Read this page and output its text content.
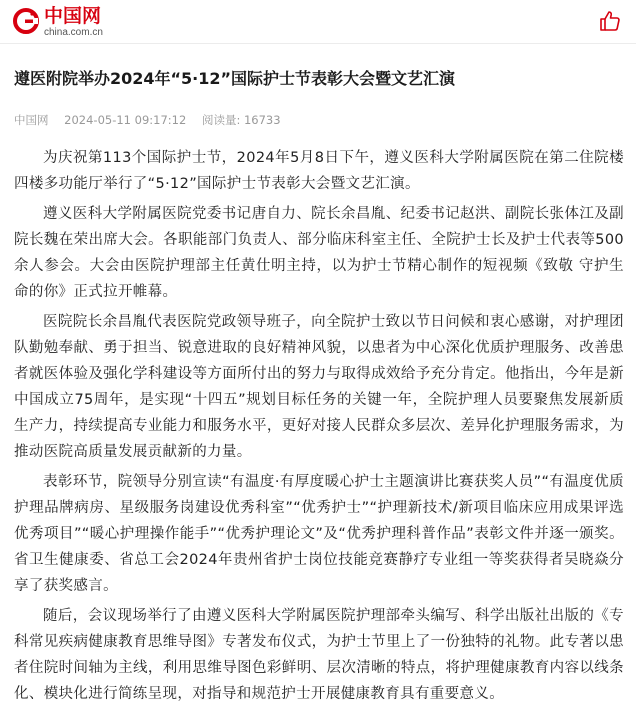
中国网
china.com.cn
遵医附院举办2024年“5·12”国际护士节表彰大会暨文艺汇演
中国网 2024-05-11 09:17:12 阅读量: 16733

为庆祝第113个国际护士节，2024年5月8日下午，遵义医科大学附属医院在第二住院楼四楼多功能厅举行了“5·12”国际护士节表彰大会暨文艺汇演。

遵义医科大学附属医院党委书记唐自力、院长余昌胤、纪委书记赵洪、副院长张体江及副院长魏在荣出席大会。各职能部门负责人、部分临床科室主任、全院护士长及护士代表等500余人参会。大会由医院护理部主任黄仕明主持，以为护士节精心制作的短视频《致敬 守护生命的你》正式拉开帷幕。

医院院长余昌胤代表医院党政领导班子，向全院护士致以节日问候和衷心感谢，对护理团队勤勉奉献、勇于担当、锐意进取的良好精神风貌，以患者为中心深化优质护理服务、改善患者就医体验及强化学科建设等方面所付出的努力与取得成效给予充分肯定。他指出，今年是新中国成立75周年，是实现“十四五”规划目标任务的关键一年，全院护理人员要聚焦发展新质生产力，持续提高专业能力和服务水平，更好对接人民群众多层次、差异化护理服务需求，为推动医院高质量发展贡献新的力量。

表彰环节，院领导分别宣读“有温度·有厚度暖心护士主题演讲比赛获奖人员”“有温度优质护理品牌病房、星级服务岗建设优秀科室”“优秀护士”“护理新技术/新项目临床应用成果评选优秀项目”“暖心护理操作能手”“优秀护理论文”及“优秀护理科普作品”表彰文件并逐一颁奖。省卫生健康委、省总工会2024年贵州省护士岗位技能竞赛静疗专业组一等奖获得者吴晓焱分享了获奖感言。

随后，会议现场举行了由遵义医科大学附属医院护理部牵头编写、科学出版社出版的《专科常见疾病健康教育思维导图》专著发布仪式，为护士节里上了一份独特的礼物。此专著以患者住院时间轴为主线，利用思维导图色彩鲜明、层次清晰的特点，将护理健康教育内容以线条化、模块化进行简练呈现，对指导和规范护士开展健康教育具有重要意义。
